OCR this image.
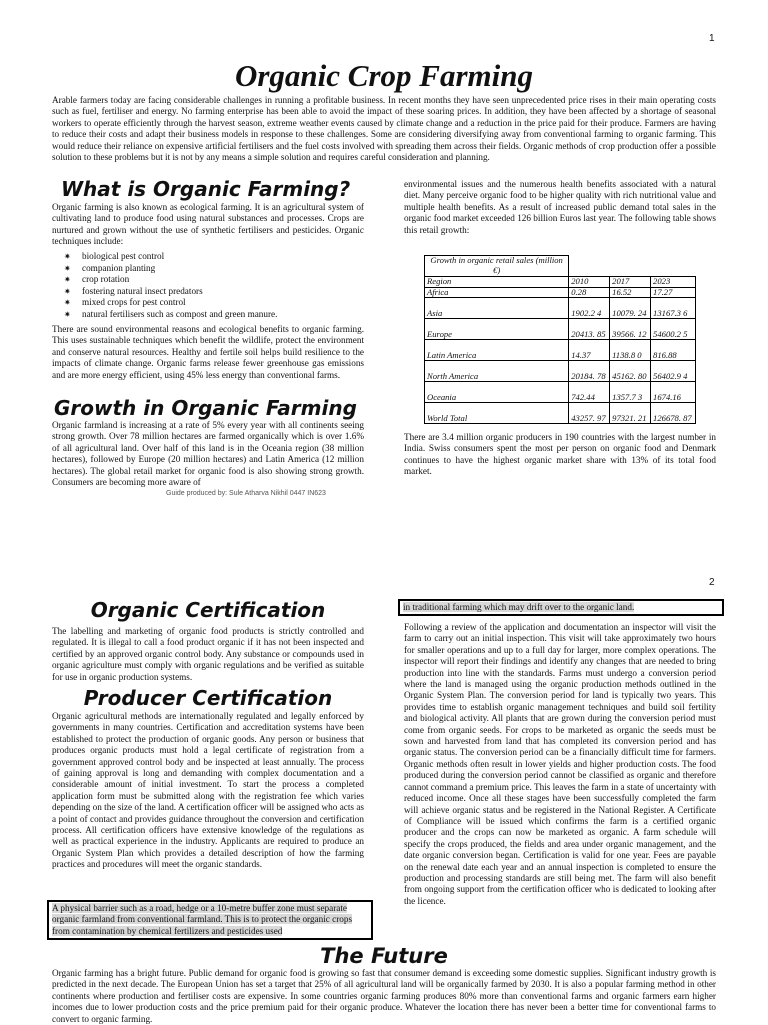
1
Organic Crop Farming

Arable farmers today are facing considerable challenges in running a profitable business. In recent months they have seen unprecedented price rises in their main operating costs such as fuel, fertiliser and energy. No farming enterprise has been able to avoid the impact of these soaring prices. In addition, they have been affected by a shortage of seasonal workers to operate efficiently through the harvest season, extreme weather events caused by climate change and a reduction in the price paid for their produce. Farmers are having to reduce their costs and adapt their business models in response to these challenges. Some are considering diversifying away from conventional farming to organic farming. This would reduce their reliance on expensive artificial fertilisers and the fuel costs involved with spreading them across their fields. Organic methods of crop production offer a possible solution to these problems but it is not by any means a simple solution and requires careful consideration and planning.

What is Organic Farming?

Organic farming is also known as ecological farming. It is an agricultural system of cultivating land to produce food using natural substances and processes. Crops are nurtured and grown without the use of synthetic fertilisers and pesticides. Organic techniques include:

✷ biological pest control
✷ companion planting
✷ crop rotation
✷ fostering natural insect predators
✷ mixed crops for pest control
✷ natural fertilisers such as compost and green manure.

There are sound environmental reasons and ecological benefits to organic farming. This uses sustainable techniques which benefit the wildlife, protect the environment and conserve natural resources. Healthy and fertile soil helps build resilience to the impacts of climate change. Organic farms release fewer greenhouse gas emissions and are more energy efficient, using 45% less energy than conventional farms.

Growth in Organic Farming

Organic farmland is increasing at a rate of 5% every year with all continents seeing strong growth. Over 78 million hectares are farmed organically which is over 1.6% of all agricultural land. Over half of this land is in the Oceania region (38 million hectares), followed by Europe (20 million hectares) and Latin America (12 million hectares). The global retail market for organic food is also showing strong growth. Consumers are becoming more aware of

environmental issues and the numerous health benefits associated with a natural diet. Many perceive organic food to be higher quality with rich nutritional value and multiple health benefits. As a result of increased public demand total sales in the organic food market exceeded 126 billion Euros last year. The following table shows this retail growth:

Growth in organic retail sales (million €)			
Region	2010	2017	2023
Africa	0.28	16.52	17.27
Asia	1902.2 4	10079. 24	13167.3 6
Europe	20413. 85	39566. 12	54600.2 5
Latin America	14.37	1138.8 0	816.88
North America	20184. 78	45162. 80	56402.9 4
Oceania	742.44	1357.7 3	1674.16
World Total	43257. 97	97321. 21	126678. 87

There are 3.4 million organic producers in 190 countries with the largest number in India. Swiss consumers spent the most per person on organic food and Denmark continues to have the highest organic market share with 13% of its total food market.

Guide produced by: Sule Atharva Nikhil 0447 IN623
2
Organic Certification

The labelling and marketing of organic food products is strictly controlled and regulated. It is illegal to call a food product organic if it has not been inspected and certified by an approved organic control body. Any substance or compounds used in organic agriculture must comply with organic regulations and be verified as suitable for use in organic production systems.

Producer Certification

Organic agricultural methods are internationally regulated and legally enforced by governments in many countries. Certification and accreditation systems have been established to protect the production of organic goods. Any person or business that produces organic products must hold a legal certificate of registration from a government approved control body and be inspected at least annually. The process of gaining approval is long and demanding with complex documentation and a considerable amount of initial investment. To start the process a completed application form must be submitted along with the registration fee which varies depending on the size of the land. A certification officer will be assigned who acts as a point of contact and provides guidance throughout the conversion and certification process. All certification officers have extensive knowledge of the regulations as well as practical experience in the industry. Applicants are required to produce an Organic System Plan which provides a detailed description of how the farming practices and procedures will meet the organic standards.

A physical barrier such as a road, hedge or a 10-metre buffer zone must separate organic farmland from conventional farmland. This is to protect the organic crops from contamination by chemical fertilizers and pesticides used

in traditional farming which may drift over to the organic land.

Following a review of the application and documentation an inspector will visit the farm to carry out an initial inspection. This visit will take approximately two hours for smaller operations and up to a full day for larger, more complex operations. The inspector will report their findings and identify any changes that are needed to bring production into line with the standards. Farms must undergo a conversion period where the land is managed using the organic production methods outlined in the Organic System Plan. The conversion period for land is typically two years. This provides time to establish organic management techniques and build soil fertility and biological activity. All plants that are grown during the conversion period must come from organic seeds. For crops to be marketed as organic the seeds must be sown and harvested from land that has completed its conversion period and has organic status. The conversion period can be a financially difficult time for farmers. Organic methods often result in lower yields and higher production costs. The food produced during the conversion period cannot be classified as organic and therefore cannot command a premium price. This leaves the farm in a state of uncertainty with reduced income. Once all these stages have been successfully completed the farm will achieve organic status and be registered in the National Register. A Certificate of Compliance will be issued which confirms the farm is a certified organic producer and the crops can now be marketed as organic. A farm schedule will specify the crops produced, the fields and area under organic management, and the date organic conversion began. Certification is valid for one year. Fees are payable on the renewal date each year and an annual inspection is completed to ensure the production and processing standards are still being met. The farm will also benefit from ongoing support from the certification officer who is dedicated to looking after the licence.

The Future

Organic farming has a bright future. Public demand for organic food is growing so fast that consumer demand is exceeding some domestic supplies. Significant industry growth is predicted in the next decade. The European Union has set a target that 25% of all agricultural land will be organically farmed by 2030. It is also a popular farming method in other continents where production and fertiliser costs are expensive. In some countries organic farming produces 80% more than conventional farms and organic farmers earn higher incomes due to lower production costs and the price premium paid for their organic produce. Whatever the location there has never been a better time for conventional farms to convert to organic farming.
